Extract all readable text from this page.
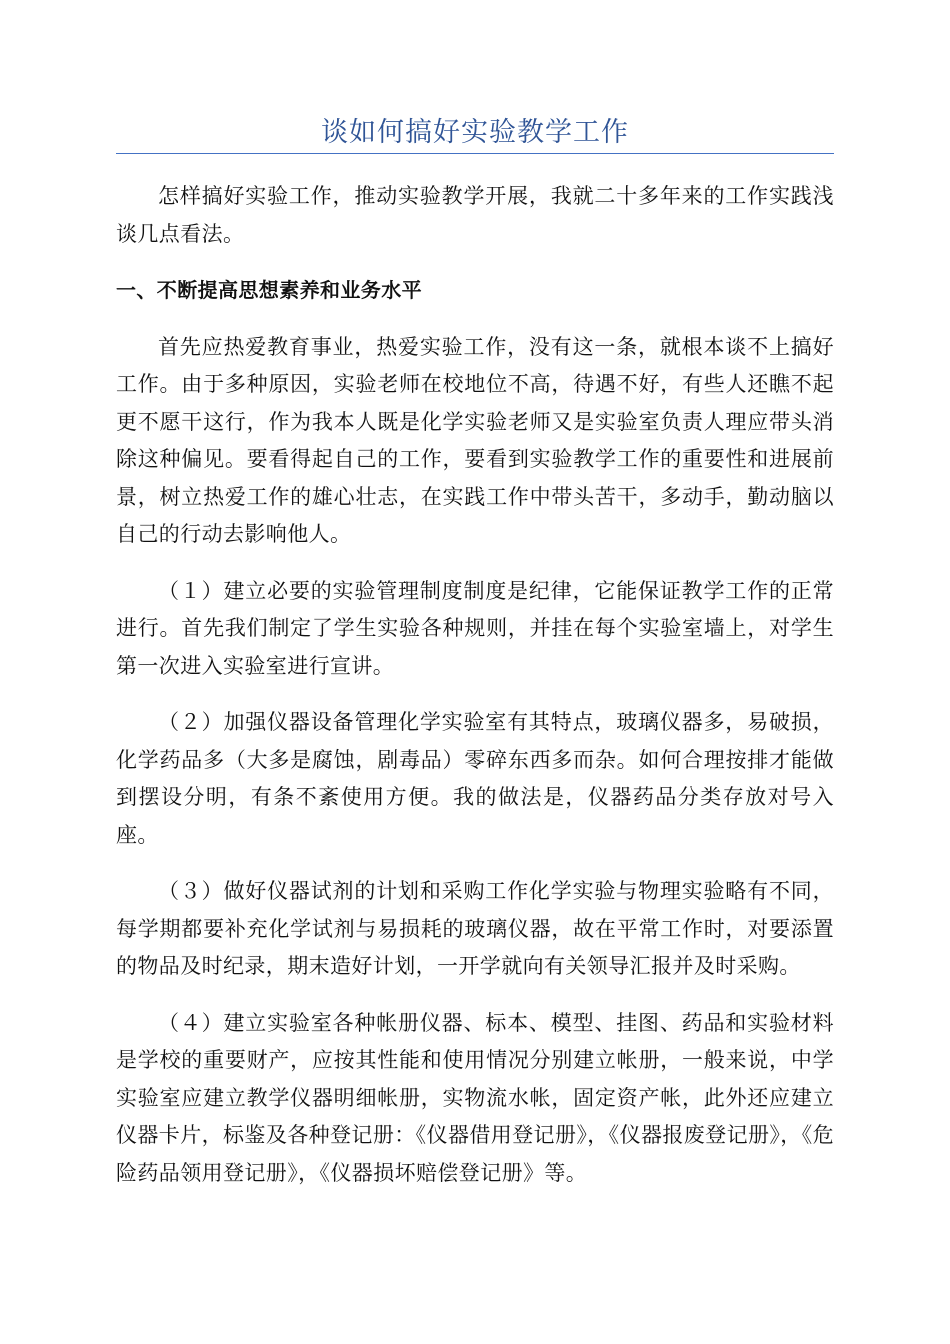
谈如何搞好实验教学工作

怎样搞好实验工作，推动实验教学开展，我就二十多年来的工作实践浅谈几点看法。

一、不断提高思想素养和业务水平

首先应热爱教育事业，热爱实验工作，没有这一条，就根本谈不上搞好工作。由于多种原因，实验老师在校地位不高，待遇不好，有些人还瞧不起更不愿干这行，作为我本人既是化学实验老师又是实验室负责人理应带头消除这种偏见。要看得起自己的工作，要看到实验教学工作的重要性和进展前景，树立热爱工作的雄心壮志，在实践工作中带头苦干，多动手，勤动脑以自己的行动去影响他人。

（１）建立必要的实验管理制度制度是纪律，它能保证教学工作的正常进行。首先我们制定了学生实验各种规则，并挂在每个实验室墙上，对学生第一次进入实验室进行宣讲。

（２）加强仪器设备管理化学实验室有其特点，玻璃仪器多，易破损，化学药品多（大多是腐蚀，剧毒品）零碎东西多而杂。如何合理按排才能做到摆设分明，有条不紊使用方便。我的做法是，仪器药品分类存放对号入座。

（３）做好仪器试剂的计划和采购工作化学实验与物理实验略有不同，每学期都要补充化学试剂与易损耗的玻璃仪器，故在平常工作时，对要添置的物品及时纪录，期末造好计划，一开学就向有关领导汇报并及时采购。

（４）建立实验室各种帐册仪器、标本、模型、挂图、药品和实验材料是学校的重要财产，应按其性能和使用情况分别建立帐册，一般来说，中学实验室应建立教学仪器明细帐册，实物流水帐，固定资产帐，此外还应建立仪器卡片，标鉴及各种登记册：《仪器借用登记册》，《仪器报废登记册》，《危险药品领用登记册》，《仪器损坏赔偿登记册》等。
